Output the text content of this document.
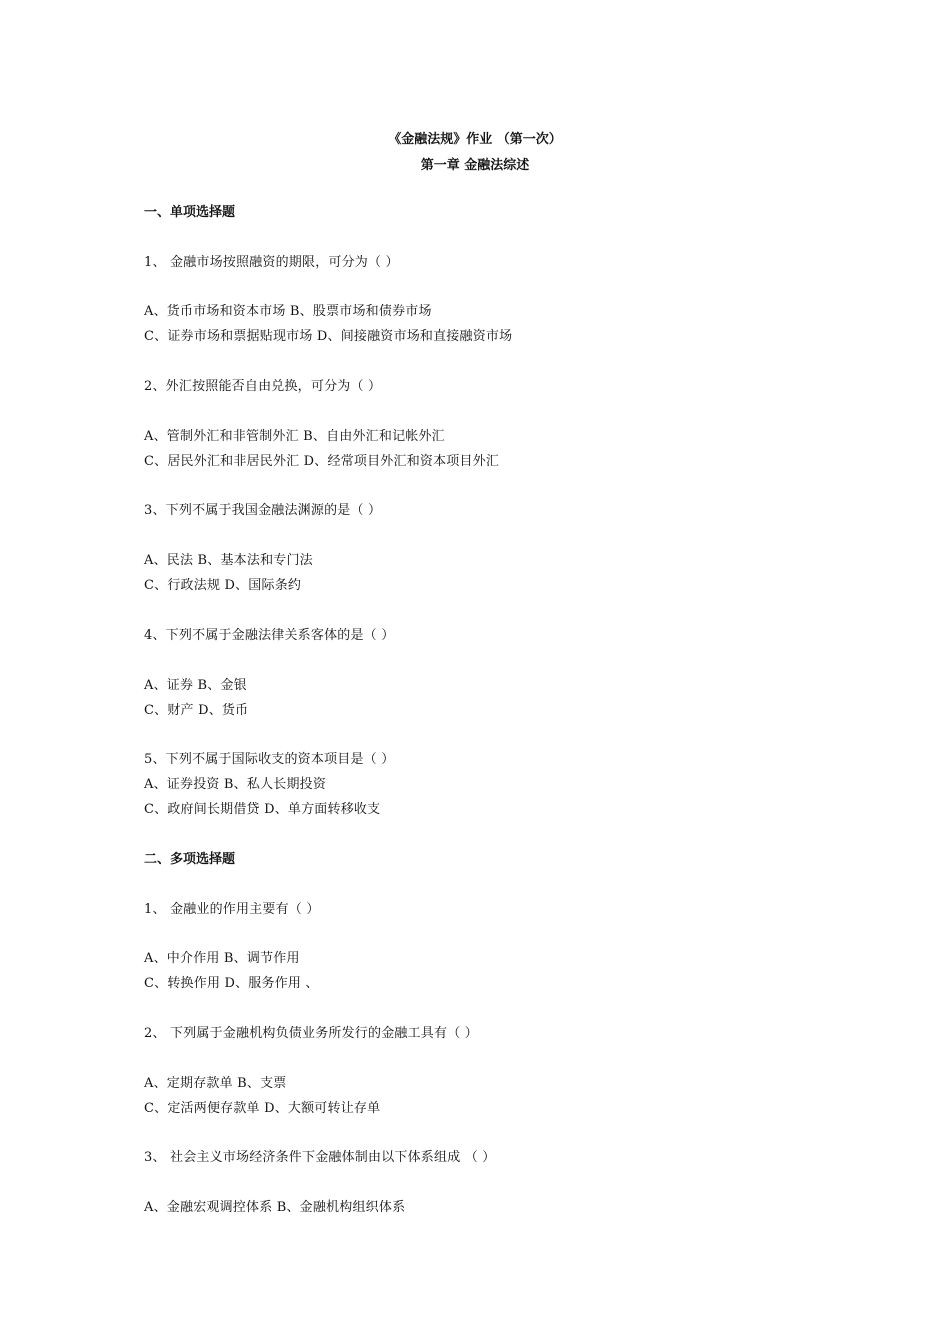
《金融法规》作业 （第一次）
第一章 金融法综述
一、单项选择题
1、 金融市场按照融资的期限，可分为（ ）
A、货币市场和资本市场 B、股票市场和债券市场
C、证券市场和票据贴现市场 D、间接融资市场和直接融资市场
2、外汇按照能否自由兑换，可分为（ ）
A、管制外汇和非管制外汇 B、自由外汇和记帐外汇
C、居民外汇和非居民外汇 D、经常项目外汇和资本项目外汇
3、下列不属于我国金融法渊源的是（ ）
A、民法 B、基本法和专门法
C、行政法规 D、国际条约
4、下列不属于金融法律关系客体的是（ ）
A、证券 B、金银
C、财产 D、货币
5、下列不属于国际收支的资本项目是（ ）
A、证券投资 B、私人长期投资
C、政府间长期借贷 D、单方面转移收支
二、多项选择题
1、 金融业的作用主要有（ ）
A、中介作用 B、调节作用
C、转换作用 D、服务作用 、
2、 下列属于金融机构负债业务所发行的金融工具有（ ）
A、定期存款单 B、支票
C、定活两便存款单 D、大额可转让存单
3、 社会主义市场经济条件下金融体制由以下体系组成 （ ）
A、金融宏观调控体系 B、金融机构组织体系
